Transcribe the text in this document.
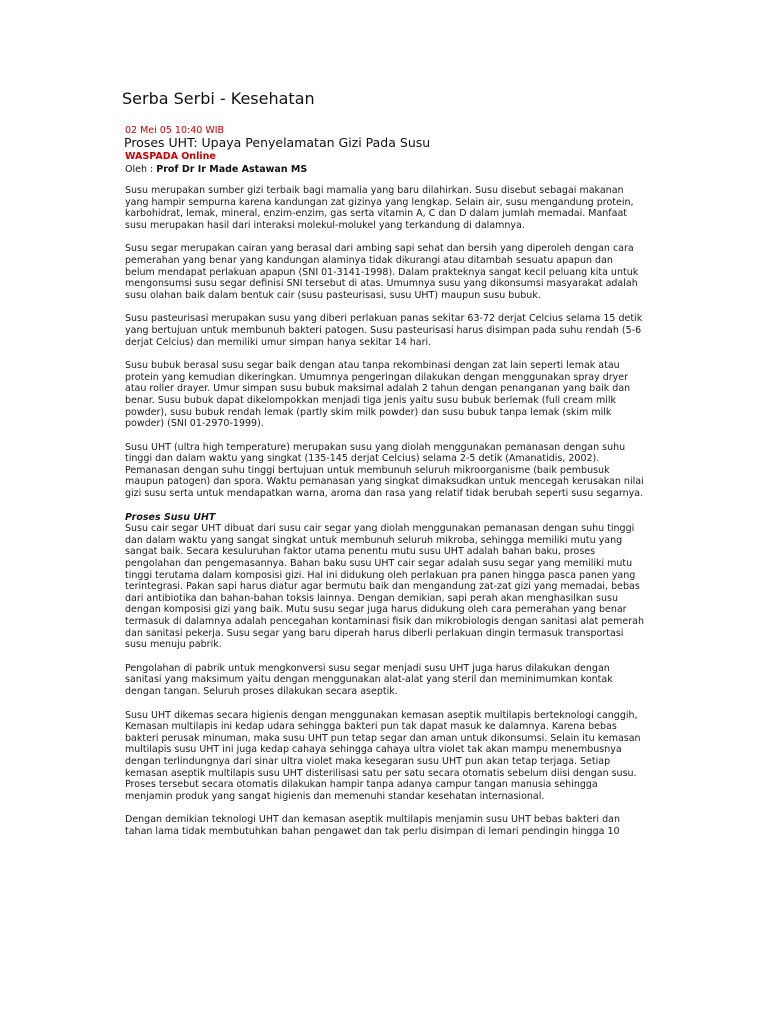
Serba Serbi - Kesehatan
02 Mei 05 10:40 WIB
Proses UHT: Upaya Penyelamatan Gizi Pada Susu
WASPADA Online
Oleh : Prof Dr Ir Made Astawan MS

Susu merupakan sumber gizi terbaik bagi mamalia yang baru dilahirkan. Susu disebut sebagai makanan yang hampir sempurna karena kandungan zat gizinya yang lengkap. Selain air, susu mengandung protein, karbohidrat, lemak, mineral, enzim-enzim, gas serta vitamin A, C dan D dalam jumlah memadai. Manfaat susu merupakan hasil dari interaksi molekul-molukel yang terkandung di dalamnya.

Susu segar merupakan cairan yang berasal dari ambing sapi sehat dan bersih yang diperoleh dengan cara pemerahan yang benar yang kandungan alaminya tidak dikurangi atau ditambah sesuatu apapun dan belum mendapat perlakuan apapun (SNI 01-3141-1998). Dalam prakteknya sangat kecil peluang kita untuk mengonsumsi susu segar definisi SNI tersebut di atas. Umumnya susu yang dikonsumsi masyarakat adalah susu olahan baik dalam bentuk cair (susu pasteurisasi, susu UHT) maupun susu bubuk.

Susu pasteurisasi merupakan susu yang diberi perlakuan panas sekitar 63-72 derjat Celcius selama 15 detik yang bertujuan untuk membunuh bakteri patogen. Susu pasteurisasi harus disimpan pada suhu rendah (5-6 derjat Celcius) dan memiliki umur simpan hanya sekitar 14 hari.

Susu bubuk berasal susu segar baik dengan atau tanpa rekombinasi dengan zat lain seperti lemak atau protein yang kemudian dikeringkan. Umumnya pengeringan dilakukan dengan menggunakan spray dryer atau roller drayer. Umur simpan susu bubuk maksimal adalah 2 tahun dengan penanganan yang baik dan benar. Susu bubuk dapat dikelompokkan menjadi tiga jenis yaitu susu bubuk berlemak (full cream milk powder), susu bubuk rendah lemak (partly skim milk powder) dan susu bubuk tanpa lemak (skim milk powder) (SNI 01-2970-1999).

Susu UHT (ultra high temperature) merupakan susu yang diolah menggunakan pemanasan dengan suhu tinggi dan dalam waktu yang singkat (135-145 derjat Celcius) selama 2-5 detik (Amanatidis, 2002). Pemanasan dengan suhu tinggi bertujuan untuk membunuh seluruh mikroorganisme (baik pembusuk maupun patogen) dan spora. Waktu pemanasan yang singkat dimaksudkan untuk mencegah kerusakan nilai gizi susu serta untuk mendapatkan warna, aroma dan rasa yang relatif tidak berubah seperti susu segarnya.

Proses Susu UHT

Susu cair segar UHT dibuat dari susu cair segar yang diolah menggunakan pemanasan dengan suhu tinggi dan dalam waktu yang sangat singkat untuk membunuh seluruh mikroba, sehingga memiliki mutu yang sangat baik. Secara kesuluruhan faktor utama penentu mutu susu UHT adalah bahan baku, proses pengolahan dan pengemasannya. Bahan baku susu UHT cair segar adalah susu segar yang memiliki mutu tinggi terutama dalam komposisi gizi. Hal ini didukung oleh perlakuan pra panen hingga pasca panen yang terintegrasi. Pakan sapi harus diatur agar bermutu baik dan mengandung zat-zat gizi yang memadai, bebas dari antibiotika dan bahan-bahan toksis lainnya. Dengan demikian, sapi perah akan menghasilkan susu dengan komposisi gizi yang baik. Mutu susu segar juga harus didukung oleh cara pemerahan yang benar termasuk di dalamnya adalah pencegahan kontaminasi fisik dan mikrobiologis dengan sanitasi alat pemerah dan sanitasi pekerja. Susu segar yang baru diperah harus diberli perlakuan dingin termasuk transportasi susu menuju pabrik.

Pengolahan di pabrik untuk mengkonversi susu segar menjadi susu UHT juga harus dilakukan dengan sanitasi yang maksimum yaitu dengan menggunakan alat-alat yang steril dan meminimumkan kontak dengan tangan. Seluruh proses dilakukan secara aseptik.

Susu UHT dikemas secara higienis dengan menggunakan kemasan aseptik multilapis berteknologi canggih, Kemasan multilapis ini kedap udara sehingga bakteri pun tak dapat masuk ke dalamnya. Karena bebas bakteri perusak minuman, maka susu UHT pun tetap segar dan aman untuk dikonsumsi. Selain itu kemasan multilapis susu UHT ini juga kedap cahaya sehingga cahaya ultra violet tak akan mampu menembusnya dengan terlindungnya dari sinar ultra violet maka kesegaran susu UHT pun akan tetap terjaga. Setiap kemasan aseptik multilapis susu UHT disterilisasi satu per satu secara otomatis sebelum diisi dengan susu. Proses tersebut secara otomatis dilakukan hampir tanpa adanya campur tangan manusia sehingga menjamin produk yang sangat higienis dan memenuhi standar kesehatan internasional.

Dengan demikian teknologi UHT dan kemasan aseptik multilapis menjamin susu UHT bebas bakteri dan tahan lama tidak membutuhkan bahan pengawet dan tak perlu disimpan di lemari pendingin hingga 10
